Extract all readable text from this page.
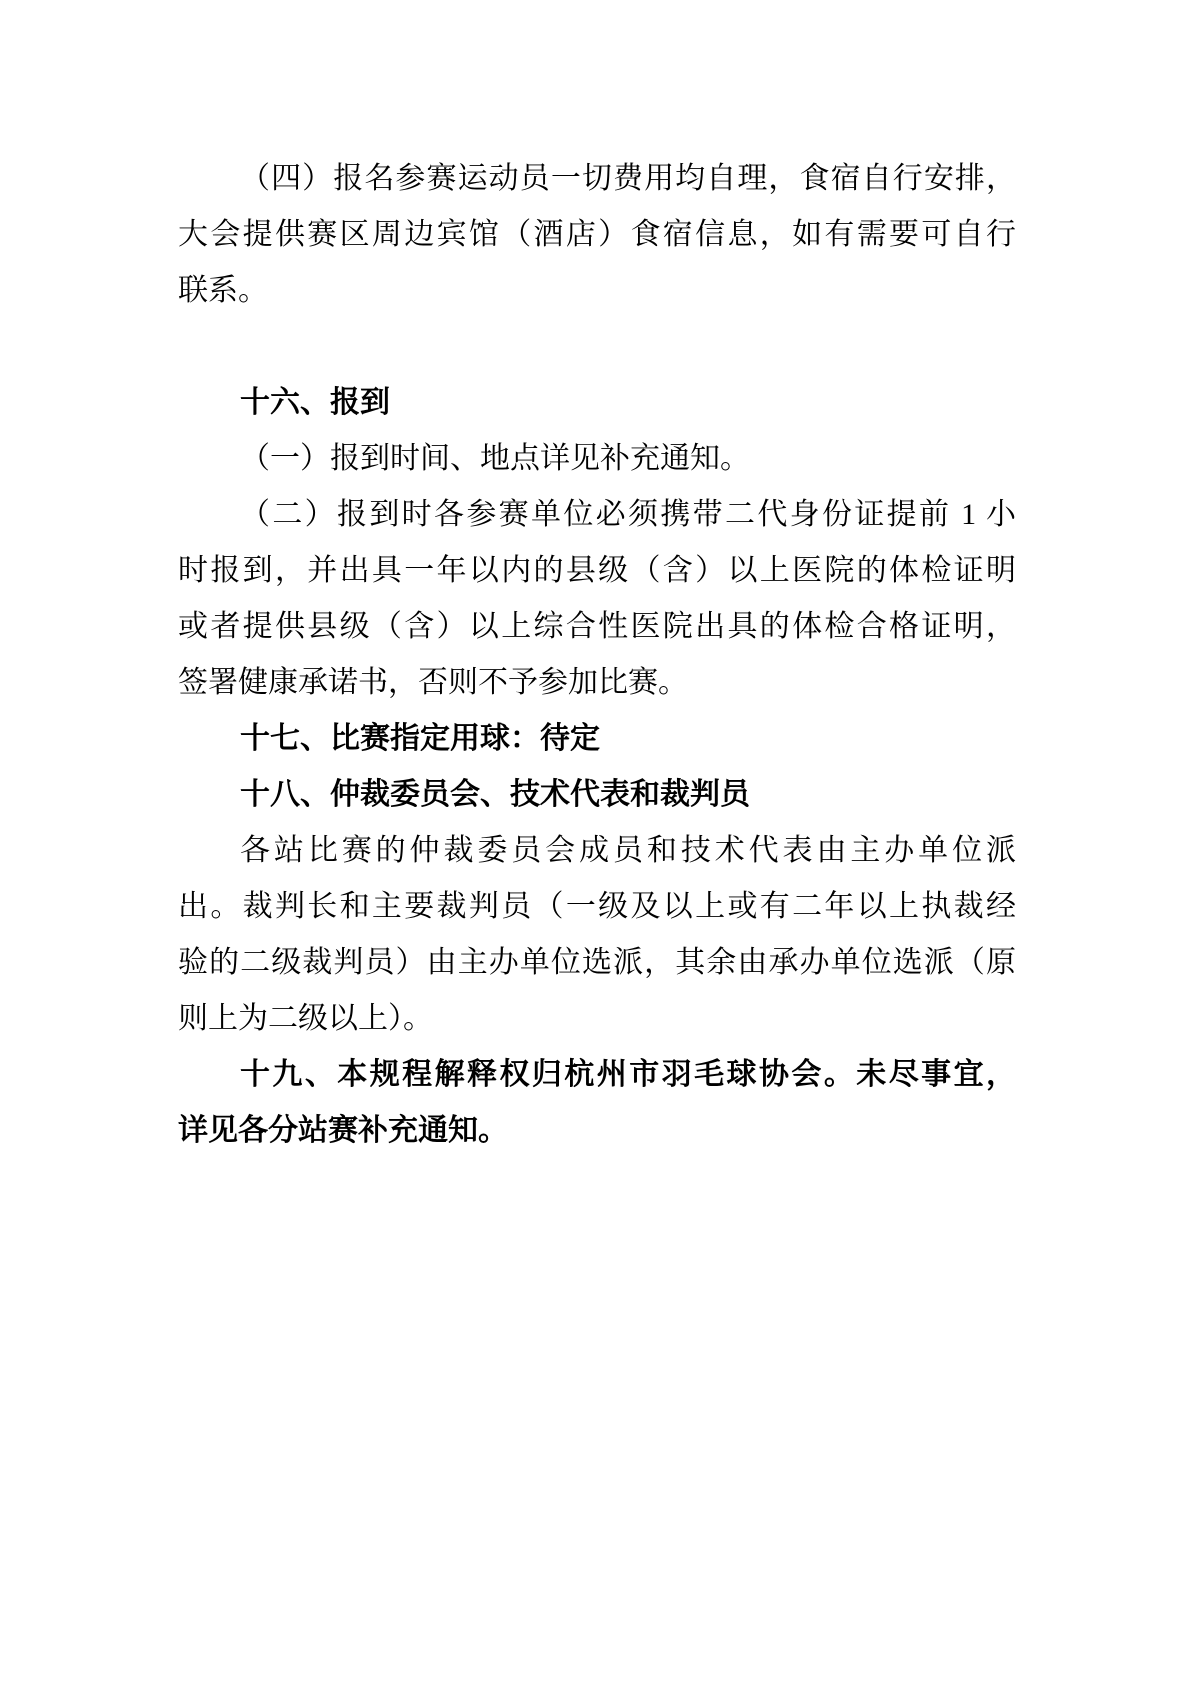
（四）报名参赛运动员一切费用均自理，食宿自行安排，
大会提供赛区周边宾馆（酒店）食宿信息，如有需要可自行
联系。
十六、报到
（一）报到时间、地点详见补充通知。
（二）报到时各参赛单位必须携带二代身份证提前 1 小
时报到，并出具一年以内的县级（含）以上医院的体检证明
或者提供县级（含）以上综合性医院出具的体检合格证明，
签署健康承诺书，否则不予参加比赛。
十七、比赛指定用球：待定
十八、仲裁委员会、技术代表和裁判员
各站比赛的仲裁委员会成员和技术代表由主办单位派
出。裁判长和主要裁判员（一级及以上或有二年以上执裁经
验的二级裁判员）由主办单位选派，其余由承办单位选派（原
则上为二级以上）。
十九、本规程解释权归杭州市羽毛球协会。未尽事宜，
详见各分站赛补充通知。
